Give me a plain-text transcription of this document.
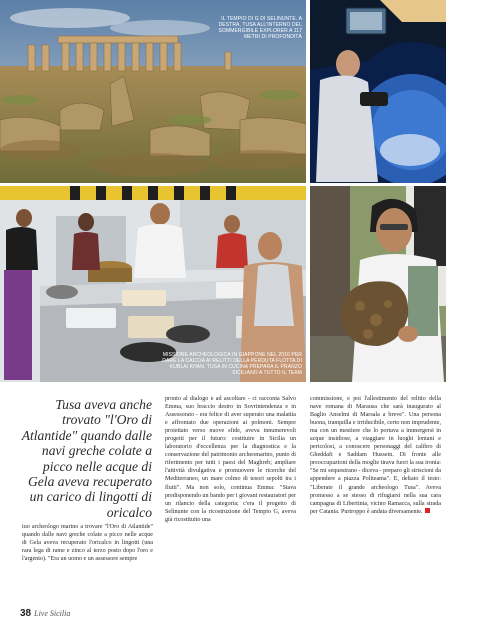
IL TEMPIO DI G DI SELINUNTE. A DESTRA, TUSA ALL'INTERNO DEL SOMMERGIBILE EXPLORER A 117 METRI DI PROFONDITÀ
MISSIONE ARCHEOLOGICA IN GIAPPONE NEL 2010 PER DARE LA CACCIA AI RELITTI DELLA PERDUTA FLOTTA DI KUBLAI KHAN. TUSA IN CUCINA PREPARA IL PRANZO SICILIANO A TUTTO IL TEAM

Tusa aveva anche trovato "l'Oro di Atlantide" quando dalle navi greche colate a picco nelle acque di Gela aveva recuperato un carico di lingotti di oricalco

tuo archeologo marino a trovare "l'Oro di Atlantide" quando dalle navi greche colate a picco nelle acque di Gela aveva recuperato l'oricalco in lingotti (una rara lega di rame e zinco al terzo posto dopo l'oro e l'argento). "Era un uomo e un assessore sempre

pronto al dialogo e ad ascoltare - ci racconta Salvo Emma, suo braccio destro in Sovrintendenza e in Assessorato - era felice di aver superato una malattia e affrontato due operazioni ai polmoni. Sempre proiettato verso nuove sfide, aveva innumerevoli progetti per il futuro: costituire in Sicilia un laboratorio d'eccellenza per la diagnostica e la conservazione del patrimonio archeomarino, punto di riferimento per tutti i paesi del Maghreb; ampliare l'attività divulgativa e promuovere le ricerche del Mediterraneo, un mare colmo di tesori sepolti tra i flutti". Ma non solo, continua Emma: "Stava predisponendo un bando per i giovani restauratori per un rilancio della categoria; c'era il progetto di Selinunte con la ricostruzione del Tempio G, aveva già ricostituito una

commissione, e poi l'allestimento del relitto della nave romana di Marausa che sarà inaugurato al Baglio Anselmi di Marsala a breve". Una persona buona, tranquilla e irriducibile, certo non imprudente, ma con un mestiere che lo portava a immergersi in acque insidiose, a viaggiare in luoghi lontani e pericolosi, a conoscere personaggi del calibro di Gheddafi e Saddam Hussein. Di fronte alle preoccupazioni della moglie tirava fuori la sua ironia: "Se mi sequestrano - diceva - preparo gli striscioni da appendere a piazza Politeama". E, deltato il testo: "Liberate il grande archeologo Tusa". Aveva promesso a se stesso di rifugiarsi nella sua cara campagna di Libertinia, vicino Ramacca, sulla strada per Catania. Purtroppo è andata diversamente.

38 Live Sicilia
